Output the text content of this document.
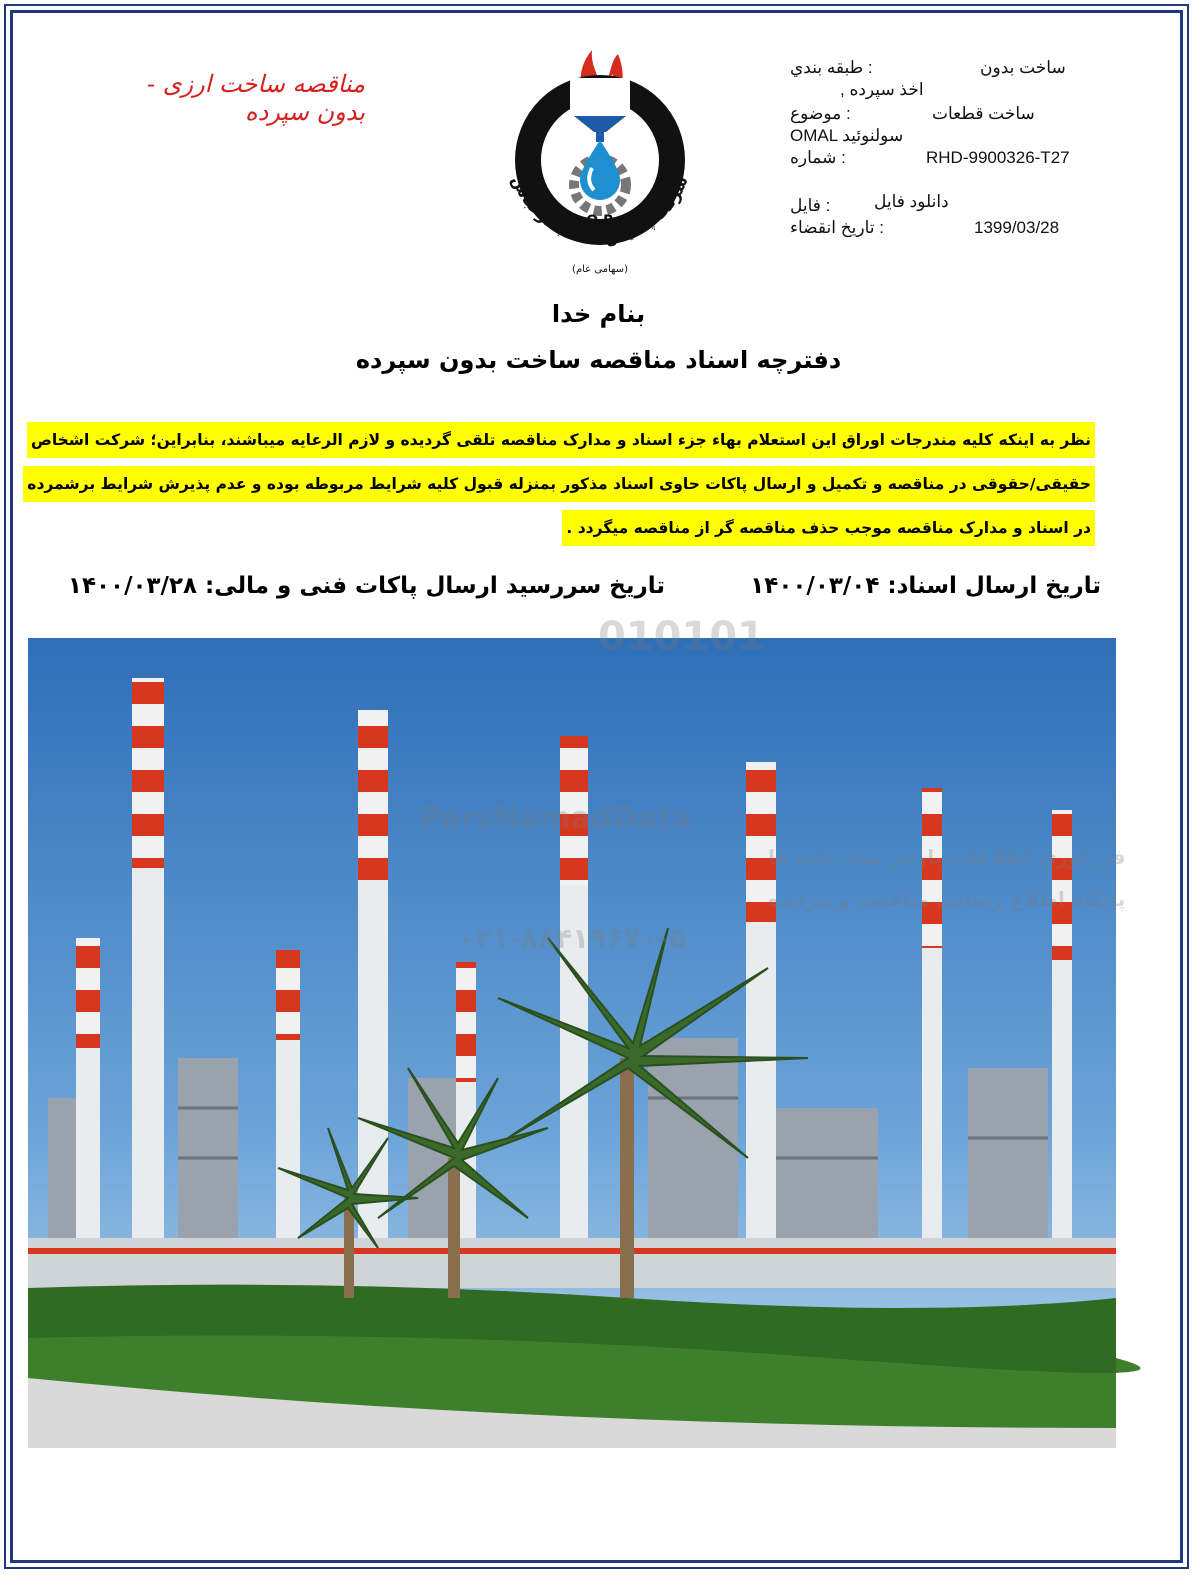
مناقصه ساخت ارزی - بدون سپرده
B.O.R.C
شرکت پالایش نفت بندرعباس
(سهامی عام)
طبقه بندي :	ساخت بدون
, اخذ سپرده
موضوع :	ساخت قطعات
OMAL سولنوئید
شماره :	RHD-9900326-T27
فایل :	دانلود فایل
تاریخ انقضاء :	1399/03/28
بنام خدا
دفترچه اسناد مناقصه ساخت بدون سپرده
نظر به اینکه کلیه مندرجات اوراق این استعلام بهاء جزء اسناد و مدارک مناقصه تلقی گردیده و لازم الرعایه میباشند، بنابراین؛ شرکت اشخاص
حقیقی/حقوقی در مناقصه و تکمیل و ارسال پاکات حاوی اسناد مذکور بمنزله قبول کلیه شرایط مربوطه بوده و عدم پذیرش شرایط برشمرده
در اسناد و مدارک مناقصه موجب حذف مناقصه گر از مناقصه میگردد .
تاریخ ارسال اسناد: ۱۴۰۰/۰۳/۰۴
تاریخ سررسید ارسال پاکات فنی و مالی: ۱۴۰۰/۰۳/۲۸
010101
ParsNamadData
فن آوری اطلاعات پارس نماد داده ها
پایگاه اطلاع رسانی مناقصه و مزایده
۰۲۱-۸۸۴۱۹۶۷۰-۵
